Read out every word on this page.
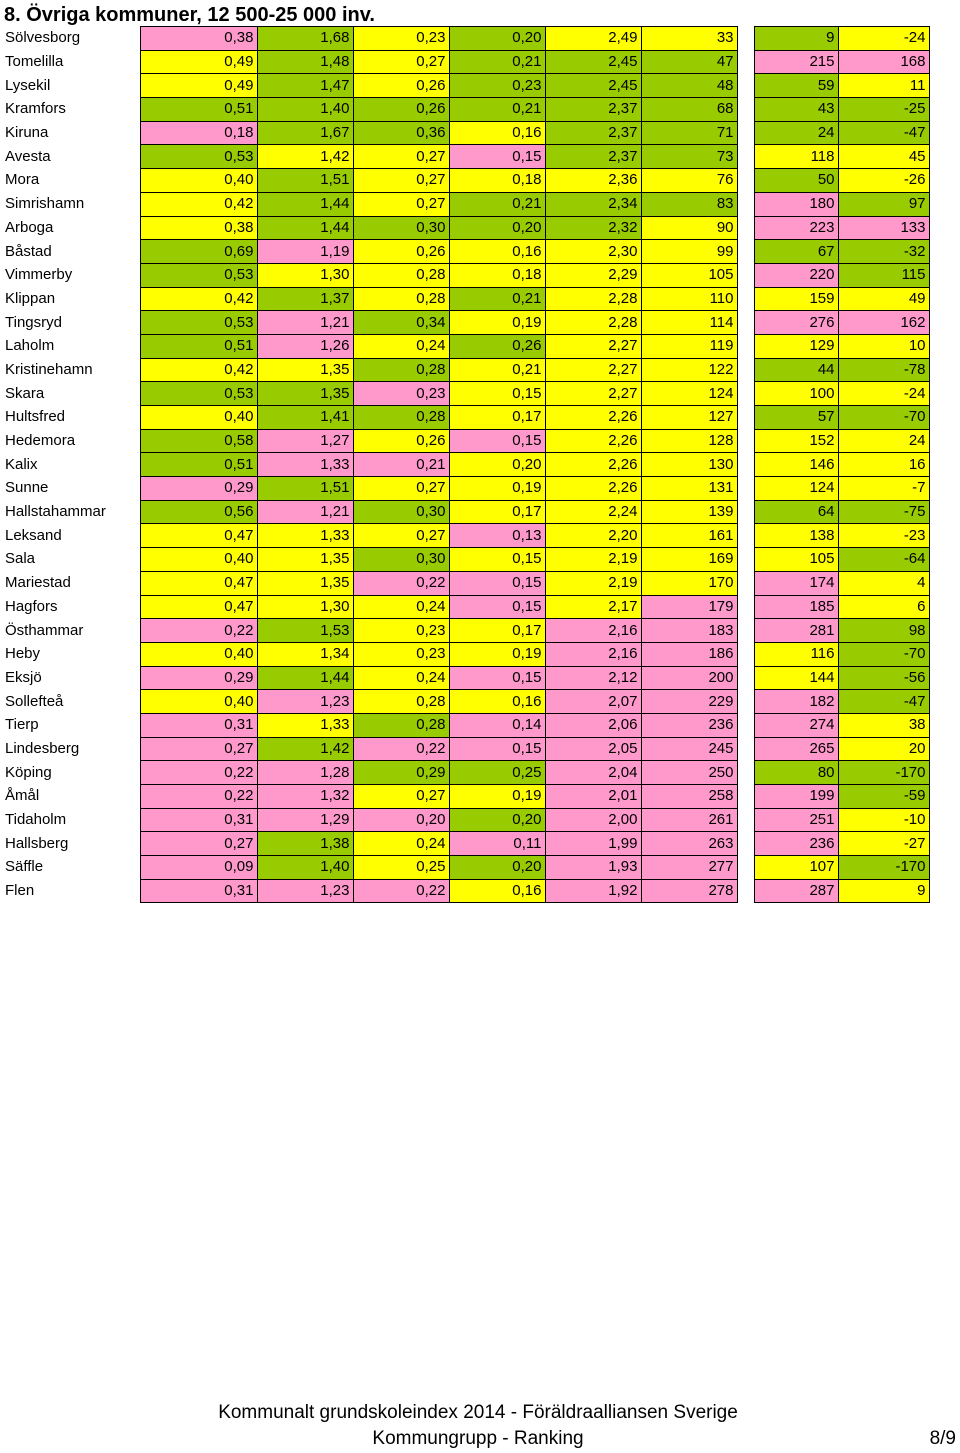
8. Övriga kommuner, 12 500-25 000 inv.
Sölvesborg	0,38	1,68	0,23	0,20	2,49	33		9	-24
Tomelilla	0,49	1,48	0,27	0,21	2,45	47		215	168
Lysekil	0,49	1,47	0,26	0,23	2,45	48		59	11
Kramfors	0,51	1,40	0,26	0,21	2,37	68		43	-25
Kiruna	0,18	1,67	0,36	0,16	2,37	71		24	-47
Avesta	0,53	1,42	0,27	0,15	2,37	73		118	45
Mora	0,40	1,51	0,27	0,18	2,36	76		50	-26
Simrishamn	0,42	1,44	0,27	0,21	2,34	83		180	97
Arboga	0,38	1,44	0,30	0,20	2,32	90		223	133
Båstad	0,69	1,19	0,26	0,16	2,30	99		67	-32
Vimmerby	0,53	1,30	0,28	0,18	2,29	105		220	115
Klippan	0,42	1,37	0,28	0,21	2,28	110		159	49
Tingsryd	0,53	1,21	0,34	0,19	2,28	114		276	162
Laholm	0,51	1,26	0,24	0,26	2,27	119		129	10
Kristinehamn	0,42	1,35	0,28	0,21	2,27	122		44	-78
Skara	0,53	1,35	0,23	0,15	2,27	124		100	-24
Hultsfred	0,40	1,41	0,28	0,17	2,26	127		57	-70
Hedemora	0,58	1,27	0,26	0,15	2,26	128		152	24
Kalix	0,51	1,33	0,21	0,20	2,26	130		146	16
Sunne	0,29	1,51	0,27	0,19	2,26	131		124	-7
Hallstahammar	0,56	1,21	0,30	0,17	2,24	139		64	-75
Leksand	0,47	1,33	0,27	0,13	2,20	161		138	-23
Sala	0,40	1,35	0,30	0,15	2,19	169		105	-64
Mariestad	0,47	1,35	0,22	0,15	2,19	170		174	4
Hagfors	0,47	1,30	0,24	0,15	2,17	179		185	6
Östhammar	0,22	1,53	0,23	0,17	2,16	183		281	98
Heby	0,40	1,34	0,23	0,19	2,16	186		116	-70
Eksjö	0,29	1,44	0,24	0,15	2,12	200		144	-56
Sollefteå	0,40	1,23	0,28	0,16	2,07	229		182	-47
Tierp	0,31	1,33	0,28	0,14	2,06	236		274	38
Lindesberg	0,27	1,42	0,22	0,15	2,05	245		265	20
Köping	0,22	1,28	0,29	0,25	2,04	250		80	-170
Åmål	0,22	1,32	0,27	0,19	2,01	258		199	-59
Tidaholm	0,31	1,29	0,20	0,20	2,00	261		251	-10
Hallsberg	0,27	1,38	0,24	0,11	1,99	263		236	-27
Säffle	0,09	1,40	0,25	0,20	1,93	277		107	-170
Flen	0,31	1,23	0,22	0,16	1,92	278		287	9
Kommunalt grundskoleindex 2014 - Föräldraalliansen Sverige
Kommungrupp - Ranking	8/9
